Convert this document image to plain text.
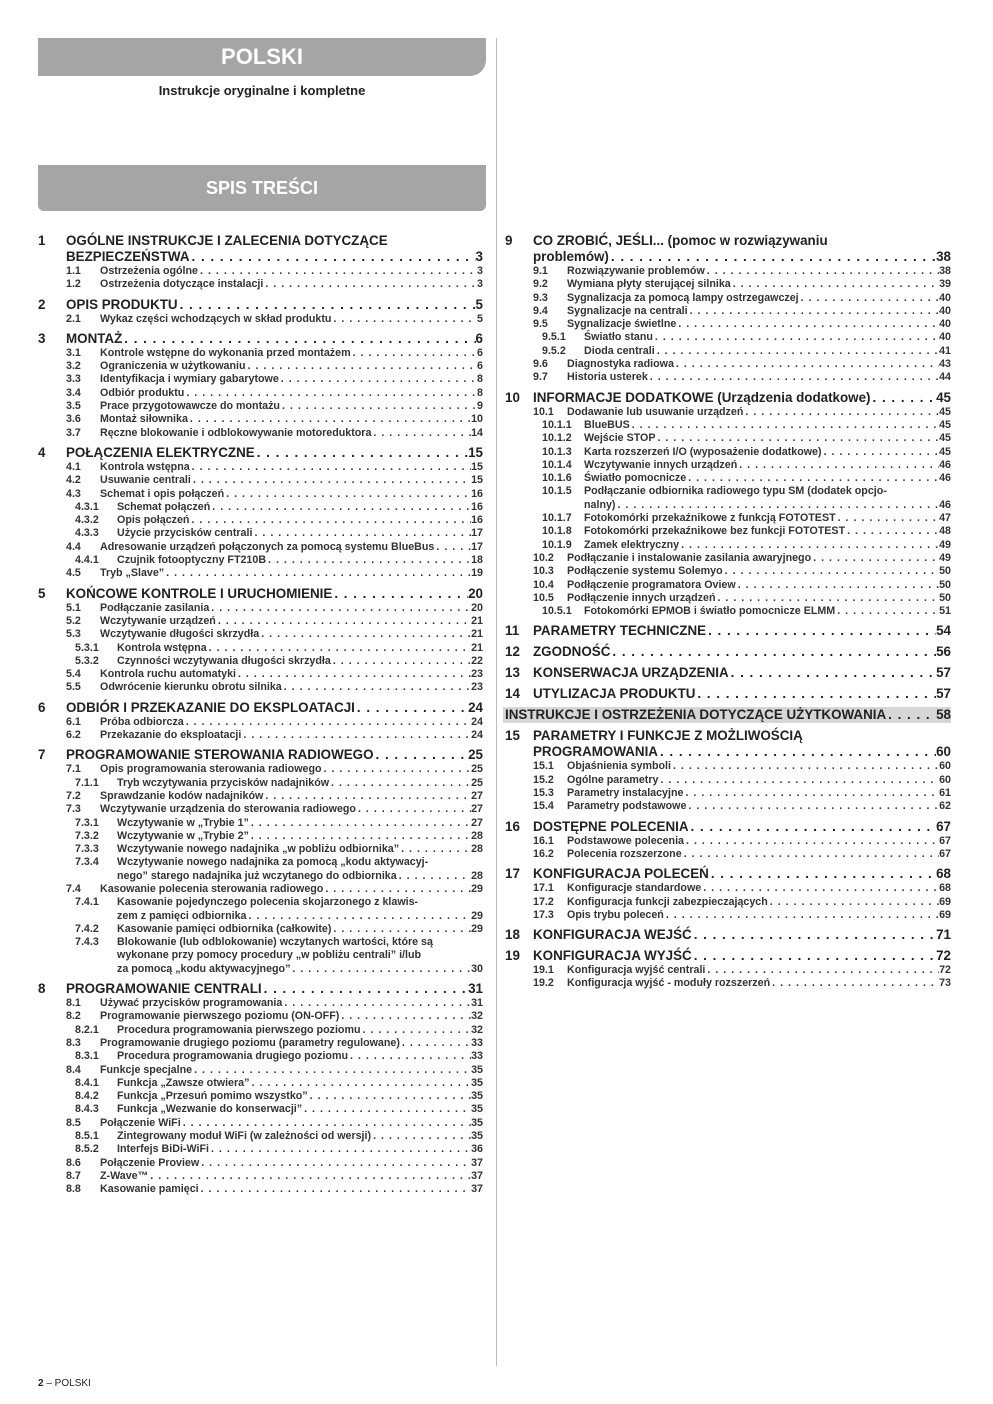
POLSKI
Instrukcje oryginalne i kompletne
SPIS TREŚCI
1	OGÓLNE INSTRUKCJE I ZALECENIA DOTYCZĄCE
BEZPIECZEŃSTWA . . .	3
1.1	Ostrzeżenia ogólne . . .	3
1.2	Ostrzeżenia dotyczące instalacji . . .	3
2	OPIS PRODUKTU . . .	5
2.1	Wykaz części wchodzących w skład produktu . . .	5
3	MONTAŻ . . .	6
3.1	Kontrole wstępne do wykonania przed montażem . . .	6
3.2	Ograniczenia w użytkowaniu . . .	6
3.3	Identyfikacja i wymiary gabarytowe . . .	8
3.4	Odbiór produktu . . .	8
3.5	Prace przygotowawcze do montażu . . .	9
3.6	Montaż siłownika . . .	10
3.7	Ręczne blokowanie i odblokowywanie motoreduktora . . .	14
4	POŁĄCZENIA ELEKTRYCZNE . . .	15
4.1	Kontrola wstępna . . .	15
4.2	Usuwanie centrali . . .	15
4.3	Schemat i opis połączeń . . .	16
4.3.1	Schemat połączeń . . .	16
4.3.2	Opis połączeń . . .	16
4.3.3	Użycie przycisków centrali . . .	17
4.4	Adresowanie urządzeń połączonych za pomocą systemu BlueBus . . .	17
4.4.1	Czujnik fotooptyczny FT210B . . .	18
4.5	Tryb „Slave” . . .	19
5	KOŃCOWE KONTROLE I URUCHOMIENIE . . .	20
5.1	Podłączanie zasilania . . .	20
5.2	Wczytywanie urządzeń . . .	21
5.3	Wczytywanie długości skrzydła . . .	21
5.3.1	Kontrola wstępna . . .	21
5.3.2	Czynności wczytywania długości skrzydła . . .	22
5.4	Kontrola ruchu automatyki . . .	23
5.5	Odwrócenie kierunku obrotu silnika . . .	23
6	ODBIÓR I PRZEKAZANIE DO EKSPLOATACJI . . .	24
6.1	Próba odbiorcza . . .	24
6.2	Przekazanie do eksploatacji . . .	24
7	PROGRAMOWANIE STEROWANIA RADIOWEGO . . .	25
7.1	Opis programowania sterowania radiowego . . .	25
7.1.1	Tryb wczytywania przycisków nadajników . . .	25
7.2	Sprawdzanie kodów nadajników . . .	27
7.3	Wczytywanie urządzenia do sterowania radiowego . . .	27
7.3.1	Wczytywanie w „Trybie 1” . . .	27
7.3.2	Wczytywanie w „Trybie 2” . . .	28
7.3.3	Wczytywanie nowego nadajnika „w pobliżu odbiornika” . . .	28
7.3.4	Wczytywanie nowego nadajnika za pomocą „kodu aktywacyj-
nego” starego nadajnika już wczytanego do odbiornika . . .	28
7.4	Kasowanie polecenia sterowania radiowego . . .	29
7.4.1	Kasowanie pojedynczego polecenia skojarzonego z klawis-
zem z pamięci odbiornika . . .	29
7.4.2	Kasowanie pamięci odbiornika (całkowite) . . .	29
7.4.3	Blokowanie (lub odblokowanie) wczytanych wartości, które są
wykonane przy pomocy procedury „w pobliżu centrali” i/lub
za pomocą „kodu aktywacyjnego” . . .	30
8	PROGRAMOWANIE CENTRALI . . .	31
8.1	Używać przycisków programowania . . .	31
8.2	Programowanie pierwszego poziomu (ON-OFF) . . .	32
8.2.1	Procedura programowania pierwszego poziomu . . .	32
8.3	Programowanie drugiego poziomu (parametry regulowane) . . .	33
8.3.1	Procedura programowania drugiego poziomu . . .	33
8.4	Funkcje specjalne . . .	35
8.4.1	Funkcja „Zawsze otwiera” . . .	35
8.4.2	Funkcja „Przesuń pomimo wszystko” . . .	35
8.4.3	Funkcja „Wezwanie do konserwacji” . . .	35
8.5	Połączenie WiFi . . .	35
8.5.1	Zintegrowany moduł WiFi (w zależności od wersji) . . .	35
8.5.2	Interfejs BiDi-WiFi . . .	36
8.6	Połączenie Proview . . .	37
8.7	Z-Wave™ . . .	37
8.8	Kasowanie pamięci . . .	37
9	CO ZROBIĆ, JEŚLI... (pomoc w rozwiązywaniu
problemów) . . .	38
9.1	Rozwiązywanie problemów . . .	38
9.2	Wymiana płyty sterującej silnika . . .	39
9.3	Sygnalizacja za pomocą lampy ostrzegawczej . . .	40
9.4	Sygnalizacje na centrali . . .	40
9.5	Sygnalizacje świetlne . . .	40
9.5.1	Światło stanu . . .	40
9.5.2	Dioda centrali . . .	41
9.6	Diagnostyka radiowa . . .	43
9.7	Historia usterek . . .	44
10 INFORMACJE DODATKOWE (Urządzenia dodatkowe) . . .	45
10.1	Dodawanie lub usuwanie urządzeń . . .	45
10.1.1	BlueBUS . . .	45
10.1.2	Wejście STOP . . .	45
10.1.3	Karta rozszerzeń I/O (wyposażenie dodatkowe) . . .	45
10.1.4	Wczytywanie innych urządzeń . . .	46
10.1.6	Światło pomocnicze . . .	46
10.1.5	Podłączanie odbiornika radiowego typu SM (dodatek opcjo-
nalny) . . .	46
10.1.7	Fotokomórki przekaźnikowe z funkcją FOTOTEST . . .	47
10.1.8	Fotokomórki przekaźnikowe bez funkcji FOTOTEST . . .	48
10.1.9	Zamek elektryczny . . .	49
10.2	Podłączanie i instalowanie zasilania awaryjnego . . .	49
10.3	Podłączenie systemu Solemyo . . .	50
10.4	Podłączenie programatora Oview . . .	50
10.5	Podłączenie innych urządzeń . . .	50
10.5.1	Fotokomórki EPMOB i światło pomocnicze ELMM . . .	51
11	PARAMETRY TECHNICZNE . . .	54
12 ZGODNOŚĆ . . .	56
13 KONSERWACJA URZĄDZENIA . . .	57
14 UTYLIZACJA PRODUKTU . . .	57
INSTRUKCJE I OSTRZEŻENIA DOTYCZĄCE UŻYTKOWANIA . . .	58
15 PARAMETRY I FUNKCJE Z MOŻLIWOŚCIĄ
PROGRAMOWANIA . . .	60
15.1	Objaśnienia symboli . . .	60
15.2	Ogólne parametry . . .	60
15.3	Parametry instalacyjne . . .	61
15.4	Parametry podstawowe . . .	62
16 DOSTĘPNE POLECENIA . . .	67
16.1	Podstawowe polecenia . . .	67
16.2	Polecenia rozszerzone . . .	67
17 KONFIGURACJA POLECEŃ . . .	68
17.1	Konfiguracje standardowe . . .	68
17.2	Konfiguracja funkcji zabezpieczających . . .	69
17.3	Opis trybu poleceń . . .	69
18 KONFIGURACJA WEJŚĆ . . .	71
19 KONFIGURACJA WYJŚĆ . . .	72
19.1	Konfiguracja wyjść centrali . . .	72
19.2	Konfiguracja wyjść - moduły rozszerzeń . . .	73
2 – POLSKI
